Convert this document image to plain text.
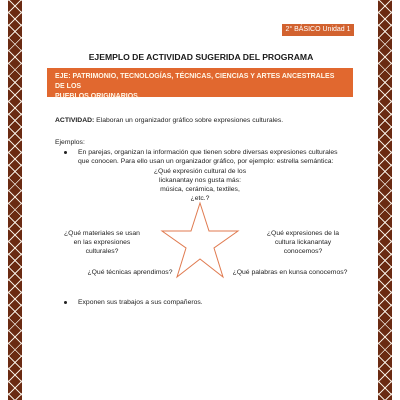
2° BÁSICO Unidad 1
EJEMPLO DE ACTIVIDAD SUGERIDA DEL PROGRAMA
EJE: PATRIMONIO, TECNOLOGÍAS, TÉCNICAS, CIENCIAS Y ARTES ANCESTRALES DE LOS
PUEBLOS ORIGINARIOS.
ACTIVIDAD: Elaboran un organizador gráfico sobre expresiones culturales.
Ejemplos:
En parejas, organizan la información que tienen sobre diversas expresiones culturales que conocen. Para ello usan un organizador gráfico, por ejemplo: estrella semántica:
¿Qué expresión cultural de los lickanantay nos gusta más: música, cerámica, textiles, ¿etc.?
¿Qué materiales se usan en las expresiones culturales?
¿Qué expresiones de la cultura lickanantay conocemos?
¿Qué técnicas aprendimos?	¿Qué palabras en kunsa conocemos?
Exponen sus trabajos a sus compañeros.
